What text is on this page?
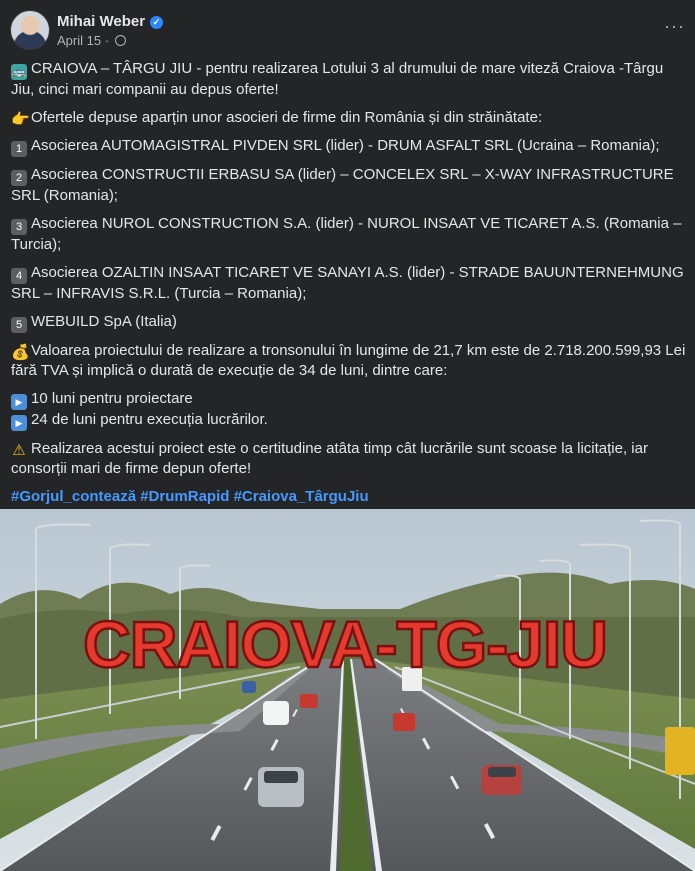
Mihai Weber ✓
April 15 ·
···
🚌 CRAIOVA – TÂRGU JIU - pentru realizarea Lotului 3 al drumului de mare viteză Craiova -Târgu Jiu, cinci mari companii au depus oferte!
👉Ofertele depuse aparțin unor asocieri de firme din România și din străinătate:
1 Asocierea AUTOMAGISTRAL PIVDEN SRL (lider) - DRUM ASFALT SRL (Ucraina – Romania);
2 Asocierea CONSTRUCTII ERBASU SA (lider) – CONCELEX SRL – X-WAY INFRASTRUCTURE SRL (Romania);
3 Asocierea NUROL CONSTRUCTION S.A. (lider) - NUROL INSAAT VE TICARET A.S. (Romania – Turcia);
4 Asocierea OZALTIN INSAAT TICARET VE SANAYI A.S. (lider) - STRADE BAUUNTERNEHMUNG SRL – INFRAVIS S.R.L. (Turcia – Romania);
5 WEBUILD SpA (Italia)
💰Valoarea proiectului de realizare a tronsonului în lungime de 21,7 km este de 2.718.200.599,93 Lei fără TVA și implică o durată de execuție de 34 de luni, dintre care:
▶ 10 luni pentru proiectare
▶ 24 de luni pentru execuția lucrărilor.
⚠ Realizarea acestui proiect este o certitudine atâta timp cât lucrările sunt scoase la licitație, iar consorții mari de firme depun oferte!
#Gorjul_contează #DrumRapid #Craiova_TârguJiu
CRAIOVA-TG-JIU
